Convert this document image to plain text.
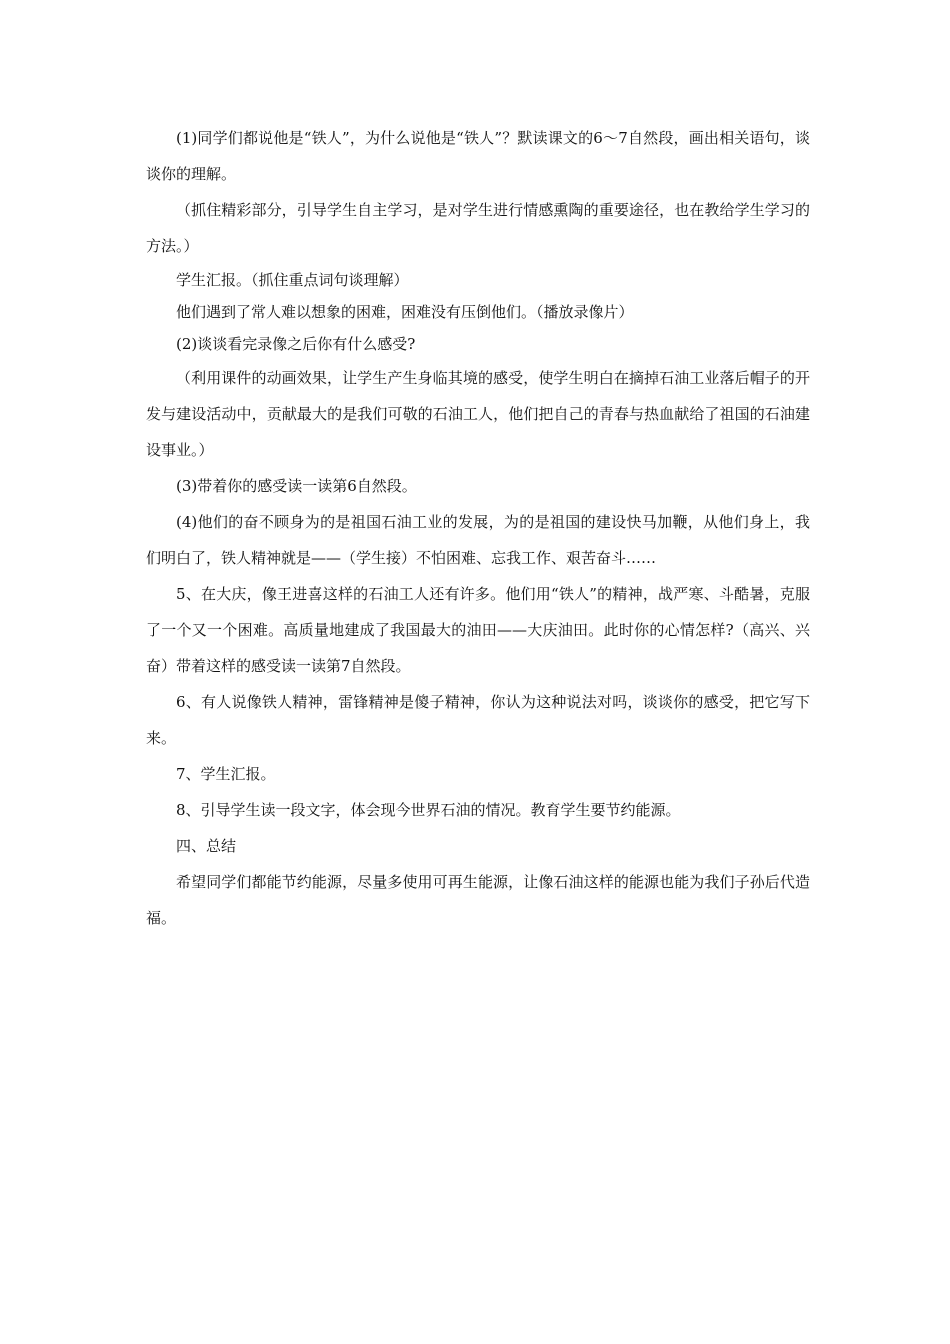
(1)同学们都说他是“铁人”，为什么说他是“铁人”？默读课文的6～7自然段，画出相关语句，谈谈你的理解。

（抓住精彩部分，引导学生自主学习，是对学生进行情感熏陶的重要途径，也在教给学生学习的方法。）

学生汇报。（抓住重点词句谈理解）

他们遇到了常人难以想象的困难，困难没有压倒他们。（播放录像片）

(2)谈谈看完录像之后你有什么感受?

（利用课件的动画效果，让学生产生身临其境的感受，使学生明白在摘掉石油工业落后帽子的开发与建设活动中，贡献最大的是我们可敬的石油工人，他们把自己的青春与热血献给了祖国的石油建设事业。）

(3)带着你的感受读一读第6自然段。

(4)他们的奋不顾身为的是祖国石油工业的发展，为的是祖国的建设快马加鞭，从他们身上，我们明白了，铁人精神就是——（学生接）不怕困难、忘我工作、艰苦奋斗……

5、在大庆，像王进喜这样的石油工人还有许多。他们用“铁人”的精神，战严寒、斗酷暑，克服了一个又一个困难。高质量地建成了我国最大的油田——大庆油田。此时你的心情怎样?（高兴、兴奋）带着这样的感受读一读第7自然段。

6、有人说像铁人精神，雷锋精神是傻子精神，你认为这种说法对吗，谈谈你的感受，把它写下来。

7、学生汇报。

8、引导学生读一段文字，体会现今世界石油的情况。教育学生要节约能源。

四、总结

希望同学们都能节约能源，尽量多使用可再生能源，让像石油这样的能源也能为我们子孙后代造福。
